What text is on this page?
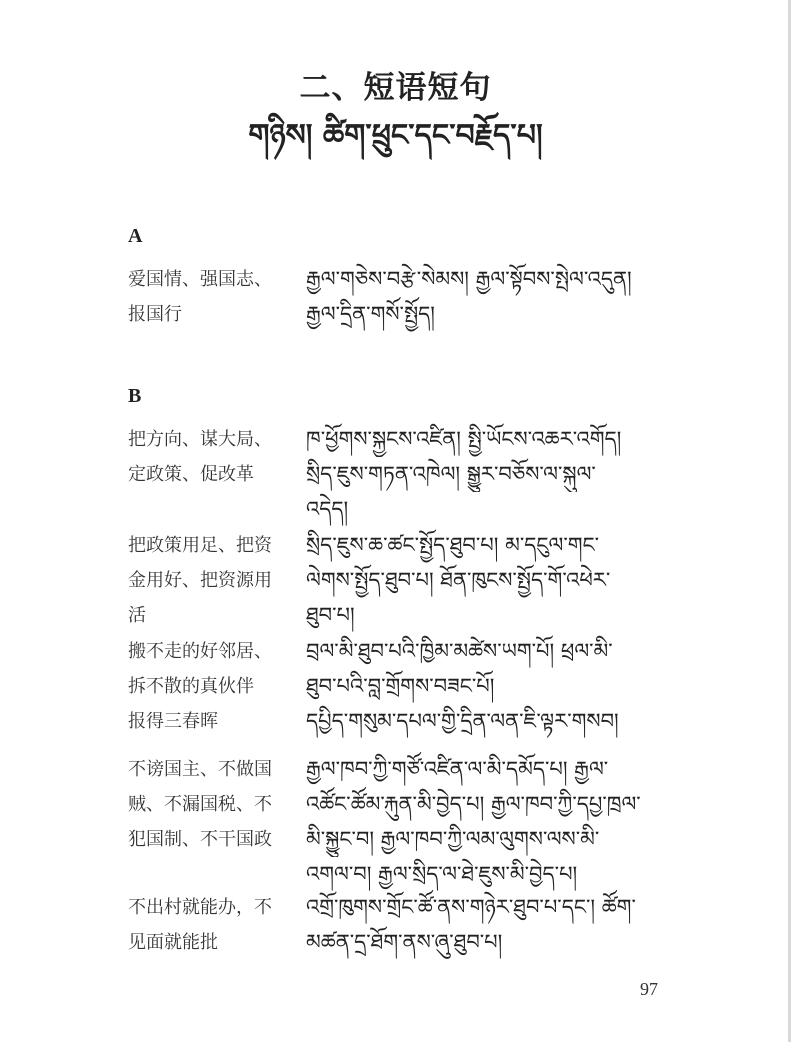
二、短语短句
གཉིས། ཚིག་ཕྲུང་དང་བརྗོད་པ།
A
爱国情、强国志、
报国行
རྒྱལ་གཅེས་བརྩེ་སེམས། རྒྱལ་སྟོབས་སྤེལ་འདུན།
རྒྱལ་དྲིན་གསོ་སྤྱོད།
B
把方向、谋大局、
定政策、促改革
ཁ་ཕྱོགས་སྐྱངས་འཛིན། སྤྱི་ཡོངས་འཆར་འགོད།
སྲིད་ཇུས་གཏན་འཁེལ། སྒྱུར་བཅོས་ལ་སྐུལ་
འདེད།
把政策用足、把资
金用好、把资源用
活
སྲིད་ཇུས་ཆ་ཚང་སྤྱོད་ཐུབ་པ། མ་དངུལ་གང་
ལེགས་སྤྱོད་ཐུབ་པ། ཐོན་ཁུངས་སྤྱོད་གོ་འཕེར་
ཐུབ་པ།
搬不走的好邻居、
拆不散的真伙伴
བྲལ་མི་ཐུབ་པའི་ཁྱིམ་མཚེས་ཡག་པོ། ཕྲལ་མི་
ཐུབ་པའི་བླ་གྲོགས་བཟང་པོ།
报得三春晖	དཔྱིད་གསུམ་དཔལ་གྱི་དྲིན་ལན་ཇི་ལྟར་གསབ།
不谤国主、不做国
贼、不漏国税、不
犯国制、不干国政
རྒྱལ་ཁབ་ཀྱི་གཙོ་འཛིན་ལ་མི་དམོད་པ། རྒྱལ་
འཚོང་ཚོམ་རྐུན་མི་བྱེད་པ། རྒྱལ་ཁབ་ཀྱི་དཔྱ་ཁྲལ་
མི་སྐྱུང་བ། རྒྱལ་ཁབ་ཀྱི་ལམ་ལུགས་ལས་མི་
འགལ་བ། རྒྱལ་སྲིད་ལ་ཐེ་ཇུས་མི་བྱེད་པ།
不出村就能办，不
见面就能批
འགྲོ་ཁུགས་གྲོང་ཚོ་ནས་གཉེར་ཐུབ་པ་དང་། ཚོག་
མཚན་དྲ་ཐོག་ནས་ཞུ་ཐུབ་པ།
97
